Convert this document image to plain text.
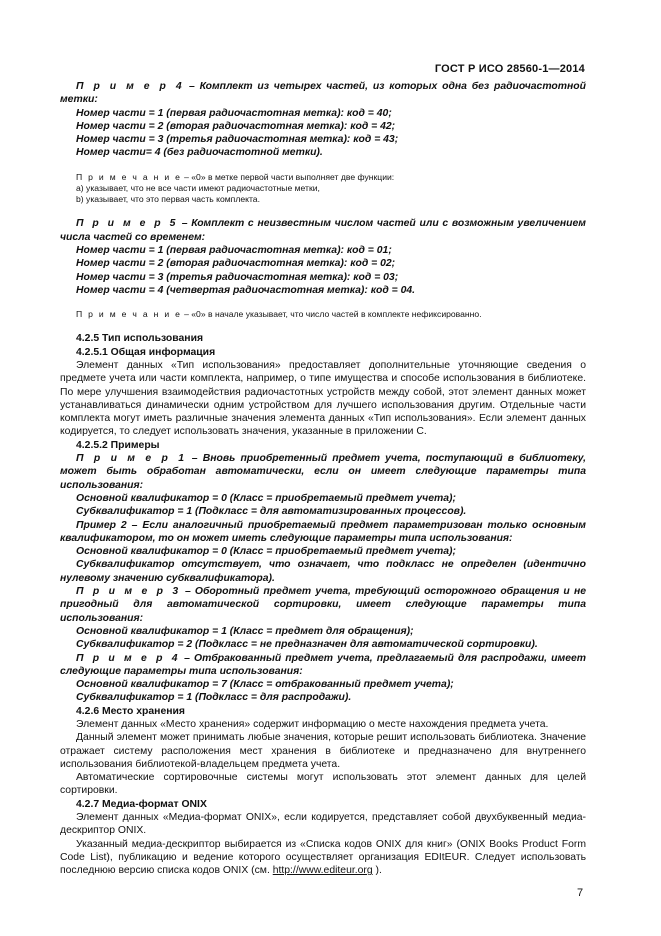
ГОСТ Р ИСО 28560-1—2014

П р и м е р 4 – Комплект из четырех частей, из которых одна без радиочастотной метки:

Номер части = 1 (первая радиочастотная метка): код = 40;

Номер части = 2 (вторая радиочастотная метка): код = 42;

Номер части = 3 (третья радиочастотная метка): код = 43;

Номер части= 4 (без радиочастотной метки).

П р и м е ч а н и е – «0» в метке первой части выполняет две функции:

a) указывает, что не все части имеют радиочастотные метки,

b) указывает, что это первая часть комплекта.

П р и м е р 5 – Комплект с неизвестным числом частей или с возможным увеличением числа частей со временем:

Номер части = 1 (первая радиочастотная метка): код = 01;

Номер части = 2 (вторая радиочастотная метка): код = 02;

Номер части = 3 (третья радиочастотная метка): код = 03;

Номер части = 4 (четвертая радиочастотная метка): код = 04.

П р и м е ч а н и е – «0» в начале указывает, что число частей в комплекте нефиксированно.

4.2.5 Тип использования

4.2.5.1 Общая информация

Элемент данных «Тип использования» предоставляет дополнительные уточняющие сведения о предмете учета или части комплекта, например, о типе имущества и способе использования в библиотеке. По мере улучшения взаимодействия радиочастотных устройств между собой, этот элемент данных может устанавливаться динамически одним устройством для лучшего использования другим. Отдельные части комплекта могут иметь различные значения элемента данных «Тип использования». Если элемент данных кодируется, то следует использовать значения, указанные в приложении С.

4.2.5.2 Примеры

П р и м е р 1 – Вновь приобретенный предмет учета, поступающий в библиотеку, может быть обработан автоматически, если он имеет следующие параметры типа использования:

Основной квалификатор = 0 (Класс = приобретаемый предмет учета);

Субквалификатор = 1 (Подкласс = для автоматизированных процессов).

Пример 2 – Если аналогичный приобретаемый предмет параметризован только основным квалификатором, то он может иметь следующие параметры типа использования:

Основной квалификатор = 0 (Класс = приобретаемый предмет учета);

Субквалификатор отсутствует, что означает, что подкласс не определен (идентично нулевому значению субквалификатора).

П р и м е р 3 – Оборотный предмет учета, требующий осторожного обращения и не пригодный для автоматической сортировки, имеет следующие параметры типа использования:

Основной квалификатор = 1 (Класс = предмет для обращения);

Субквалификатор = 2 (Подкласс = не предназначен для автоматической сортировки).

П р и м е р 4 – Отбракованный предмет учета, предлагаемый для распродажи, имеет следующие параметры типа использования:

Основной квалификатор = 7 (Класс = отбракованный предмет учета);

Субквалификатор = 1 (Подкласс = для распродажи).

4.2.6 Место хранения

Элемент данных «Место хранения» содержит информацию о месте нахождения предмета учета.

Данный элемент может принимать любые значения, которые решит использовать библиотека. Значение отражает систему расположения мест хранения в библиотеке и предназначено для внутреннего использования библиотекой-владельцем предмета учета.

Автоматические сортировочные системы могут использовать этот элемент данных для целей сортировки.

4.2.7 Медиа-формат ONIX

Элемент данных «Медиа-формат ONIX», если кодируется, представляет собой двухбуквенный медиа-дескриптор ONIX.

Указанный медиа-дескриптор выбирается из «Списка кодов ONIX для книг» (ONIX Books Product Form Code List), публикацию и ведение которого осуществляет организация EDItEUR. Следует использовать последнюю версию списка кодов ONIX (см. http://www.editeur.org ).

7
